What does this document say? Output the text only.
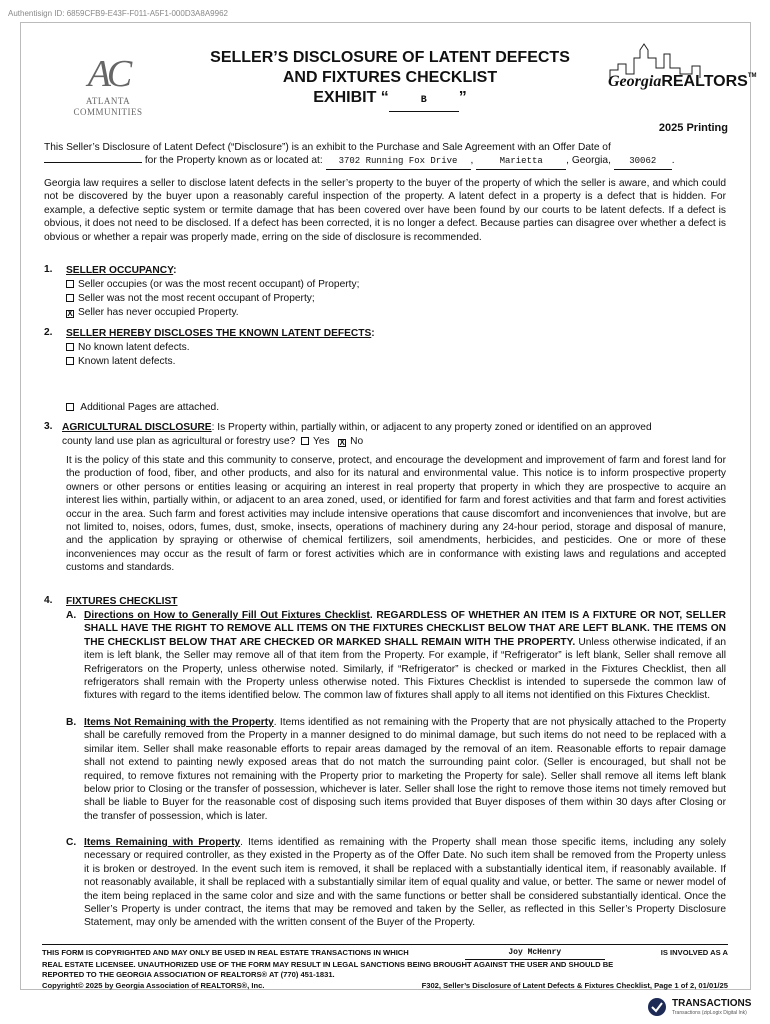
Authentisign ID: 6859CFB9-E43F-F011-A5F1-000D3A8A9962
AC
ATLANTA
COMMUNITIES
SELLER’S DISCLOSURE OF LATENT DEFECTS
AND FIXTURES CHECKLIST
EXHIBIT “	B ”
GeorgiaREALTORS™
2025 Printing
This Seller’s Disclosure of Latent Defect (“Disclosure”) is an exhibit to the Purchase and Sale Agreement with an Offer Date of
for the Property known as or located at: 3702 Running Fox Drive ,	Marietta , Georgia, 30062 .
Georgia law requires a seller to disclose latent defects in the seller’s property to the buyer of the property of which the seller is aware, and which could not be discovered by the buyer upon a reasonably careful inspection of the property. A latent defect in a property is a defect that is hidden. For example, a defective septic system or termite damage that has been covered over have been found by our courts to be latent defects. If a defect is obvious, it does not need to be disclosed. If a defect has been corrected, it is no longer a defect. Because parties can disagree over whether a defect is obvious or whether a repair was properly made, erring on the side of disclosure is recommended.
1. SELLER OCCUPANCY:
Seller occupies (or was the most recent occupant) of Property;
Seller was not the most recent occupant of Property;
X Seller has never occupied Property.
2. SELLER HEREBY DISCLOSES THE KNOWN LATENT DEFECTS:
No known latent defects.
Known latent defects.
Additional Pages are attached.
3. AGRICULTURAL DISCLOSURE: Is Property within, partially within, or adjacent to any property zoned or identified on an approved
county land use plan as agricultural or forestry use? Yes X No
It is the policy of this state and this community to conserve, protect, and encourage the development and improvement of farm and forest land for the production of food, fiber, and other products, and also for its natural and environmental value. This notice is to inform prospective property owners or other persons or entities leasing or acquiring an interest in real property that property in which they are prospective to acquire an interest lies within, partially within, or adjacent to an area zoned, used, or identified for farm and forest activities and that farm and forest activities occur in the area. Such farm and forest activities may include intensive operations that cause discomfort and inconveniences that involve, but are not limited to, noises, odors, fumes, dust, smoke, insects, operations of machinery during any 24-hour period, storage and disposal of manure, and the application by spraying or otherwise of chemical fertilizers, soil amendments, herbicides, and pesticides. One or more of these inconveniences may occur as the result of farm or forest activities which are in conformance with existing laws and regulations and accepted customs and standards.
4. FIXTURES CHECKLIST
A. Directions on How to Generally Fill Out Fixtures Checklist. REGARDLESS OF WHETHER AN ITEM IS A FIXTURE OR NOT, SELLER SHALL HAVE THE RIGHT TO REMOVE ALL ITEMS ON THE FIXTURES CHECKLIST BELOW THAT ARE LEFT BLANK. THE ITEMS ON THE CHECKLIST BELOW THAT ARE CHECKED OR MARKED SHALL REMAIN WITH THE PROPERTY. Unless otherwise indicated, if an item is left blank, the Seller may remove all of that item from the Property. For example, if “Refrigerator” is left blank, Seller shall remove all Refrigerators on the Property, unless otherwise noted. Similarly, if “Refrigerator” is checked or marked in the Fixtures Checklist, then all refrigerators shall remain with the Property unless otherwise noted. This Fixtures Checklist is intended to supersede the common law of fixtures with regard to the items identified below. The common law of fixtures shall apply to all items not identified on this Fixtures Checklist.
B. Items Not Remaining with the Property. Items identified as not remaining with the Property that are not physically attached to the Property shall be carefully removed from the Property in a manner designed to do minimal damage, but such items do not need to be replaced with a similar item. Seller shall make reasonable efforts to repair areas damaged by the removal of an item. Reasonable efforts to repair damage shall not extend to painting newly exposed areas that do not match the surrounding paint color. (Seller is encouraged, but shall not be required, to remove fixtures not remaining with the Property prior to marketing the Property for sale). Seller shall remove all items left blank below prior to Closing or the transfer of possession, whichever is later. Seller shall lose the right to remove those items not timely removed but shall be liable to Buyer for the reasonable cost of disposing such items provided that Buyer disposes of them within 30 days after Closing or the transfer of possession, which is later.
C. Items Remaining with Property. Items identified as remaining with the Property shall mean those specific items, including any solely necessary or required controller, as they existed in the Property as of the Offer Date. No such item shall be removed from the Property unless it is broken or destroyed. In the event such item is removed, it shall be replaced with a substantially identical item, if reasonably available. If not reasonably available, it shall be replaced with a substantially similar item of equal quality and value, or better. The same or newer model of the item being replaced in the same color and size and with the same functions or better shall be considered substantially identical. Once the Seller’s Property is under contract, the items that may be removed and taken by the Seller, as reflected in this Seller’s Property Disclosure Statement, may only be amended with the written consent of the Buyer of the Property.
THIS FORM IS COPYRIGHTED AND MAY ONLY BE USED IN REAL ESTATE TRANSACTIONS IN WHICH	Joy McHenry	IS INVOLVED AS A
REAL ESTATE LICENSEE. UNAUTHORIZED USE OF THE FORM MAY RESULT IN LEGAL SANCTIONS BEING BROUGHT AGAINST THE USER AND SHOULD BE
REPORTED TO THE GEORGIA ASSOCIATION OF REALTORS® AT (770) 451-1831.
Copyright© 2025 by Georgia Association of REALTORS®, Inc.	F302, Seller’s Disclosure of Latent Defects & Fixtures Checklist, Page 1 of 2, 01/01/25
TRANSACTIONS
Transactions (zipLogix Digital Ink)
